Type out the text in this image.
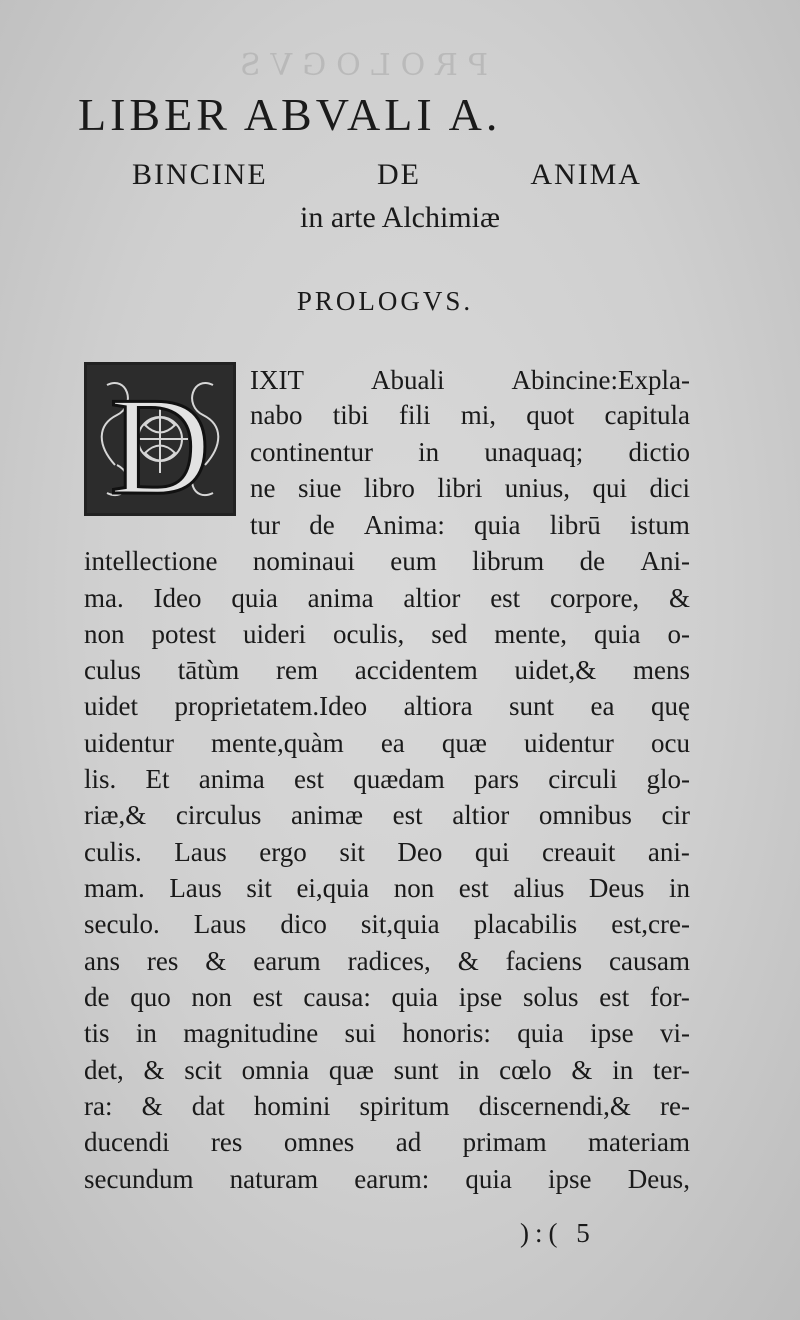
PROLOGVS
LIBER ABVALI A.
BINCINE	DE	ANIMA
in arte Alchimiæ
PROLOGVS.
D IXIT Abuali Abincine:Expla-
nabo tibi fili mi, quot capitula
continentur in unaquaq; dictio
ne siue libro libri unius, qui dici
tur de Anima: quia librū istum
intellectione nominaui eum librum de Ani-
ma. Ideo quia anima altior est corpore, &
non potest uideri oculis, sed mente, quia o-
culus tātùm rem accidentem uidet,& mens
uidet proprietatem.Ideo altiora sunt ea quę
uidentur mente,quàm ea quæ uidentur ocu
lis. Et anima est quædam pars circuli glo-
riæ,& circulus animæ est altior omnibus cir
culis. Laus ergo sit Deo qui creauit ani-
mam. Laus sit ei,quia non est alius Deus in
seculo. Laus dico sit,quia placabilis est,cre-
ans res & earum radices, & faciens causam
de quo non est causa: quia ipse solus est for-
tis in magnitudine sui honoris: quia ipse vi-
det, & scit omnia quæ sunt in cœlo & in ter-
ra: & dat homini spiritum discernendi,& re-
ducendi res omnes ad primam materiam
secundum naturam earum: quia ipse Deus,
):( 5
